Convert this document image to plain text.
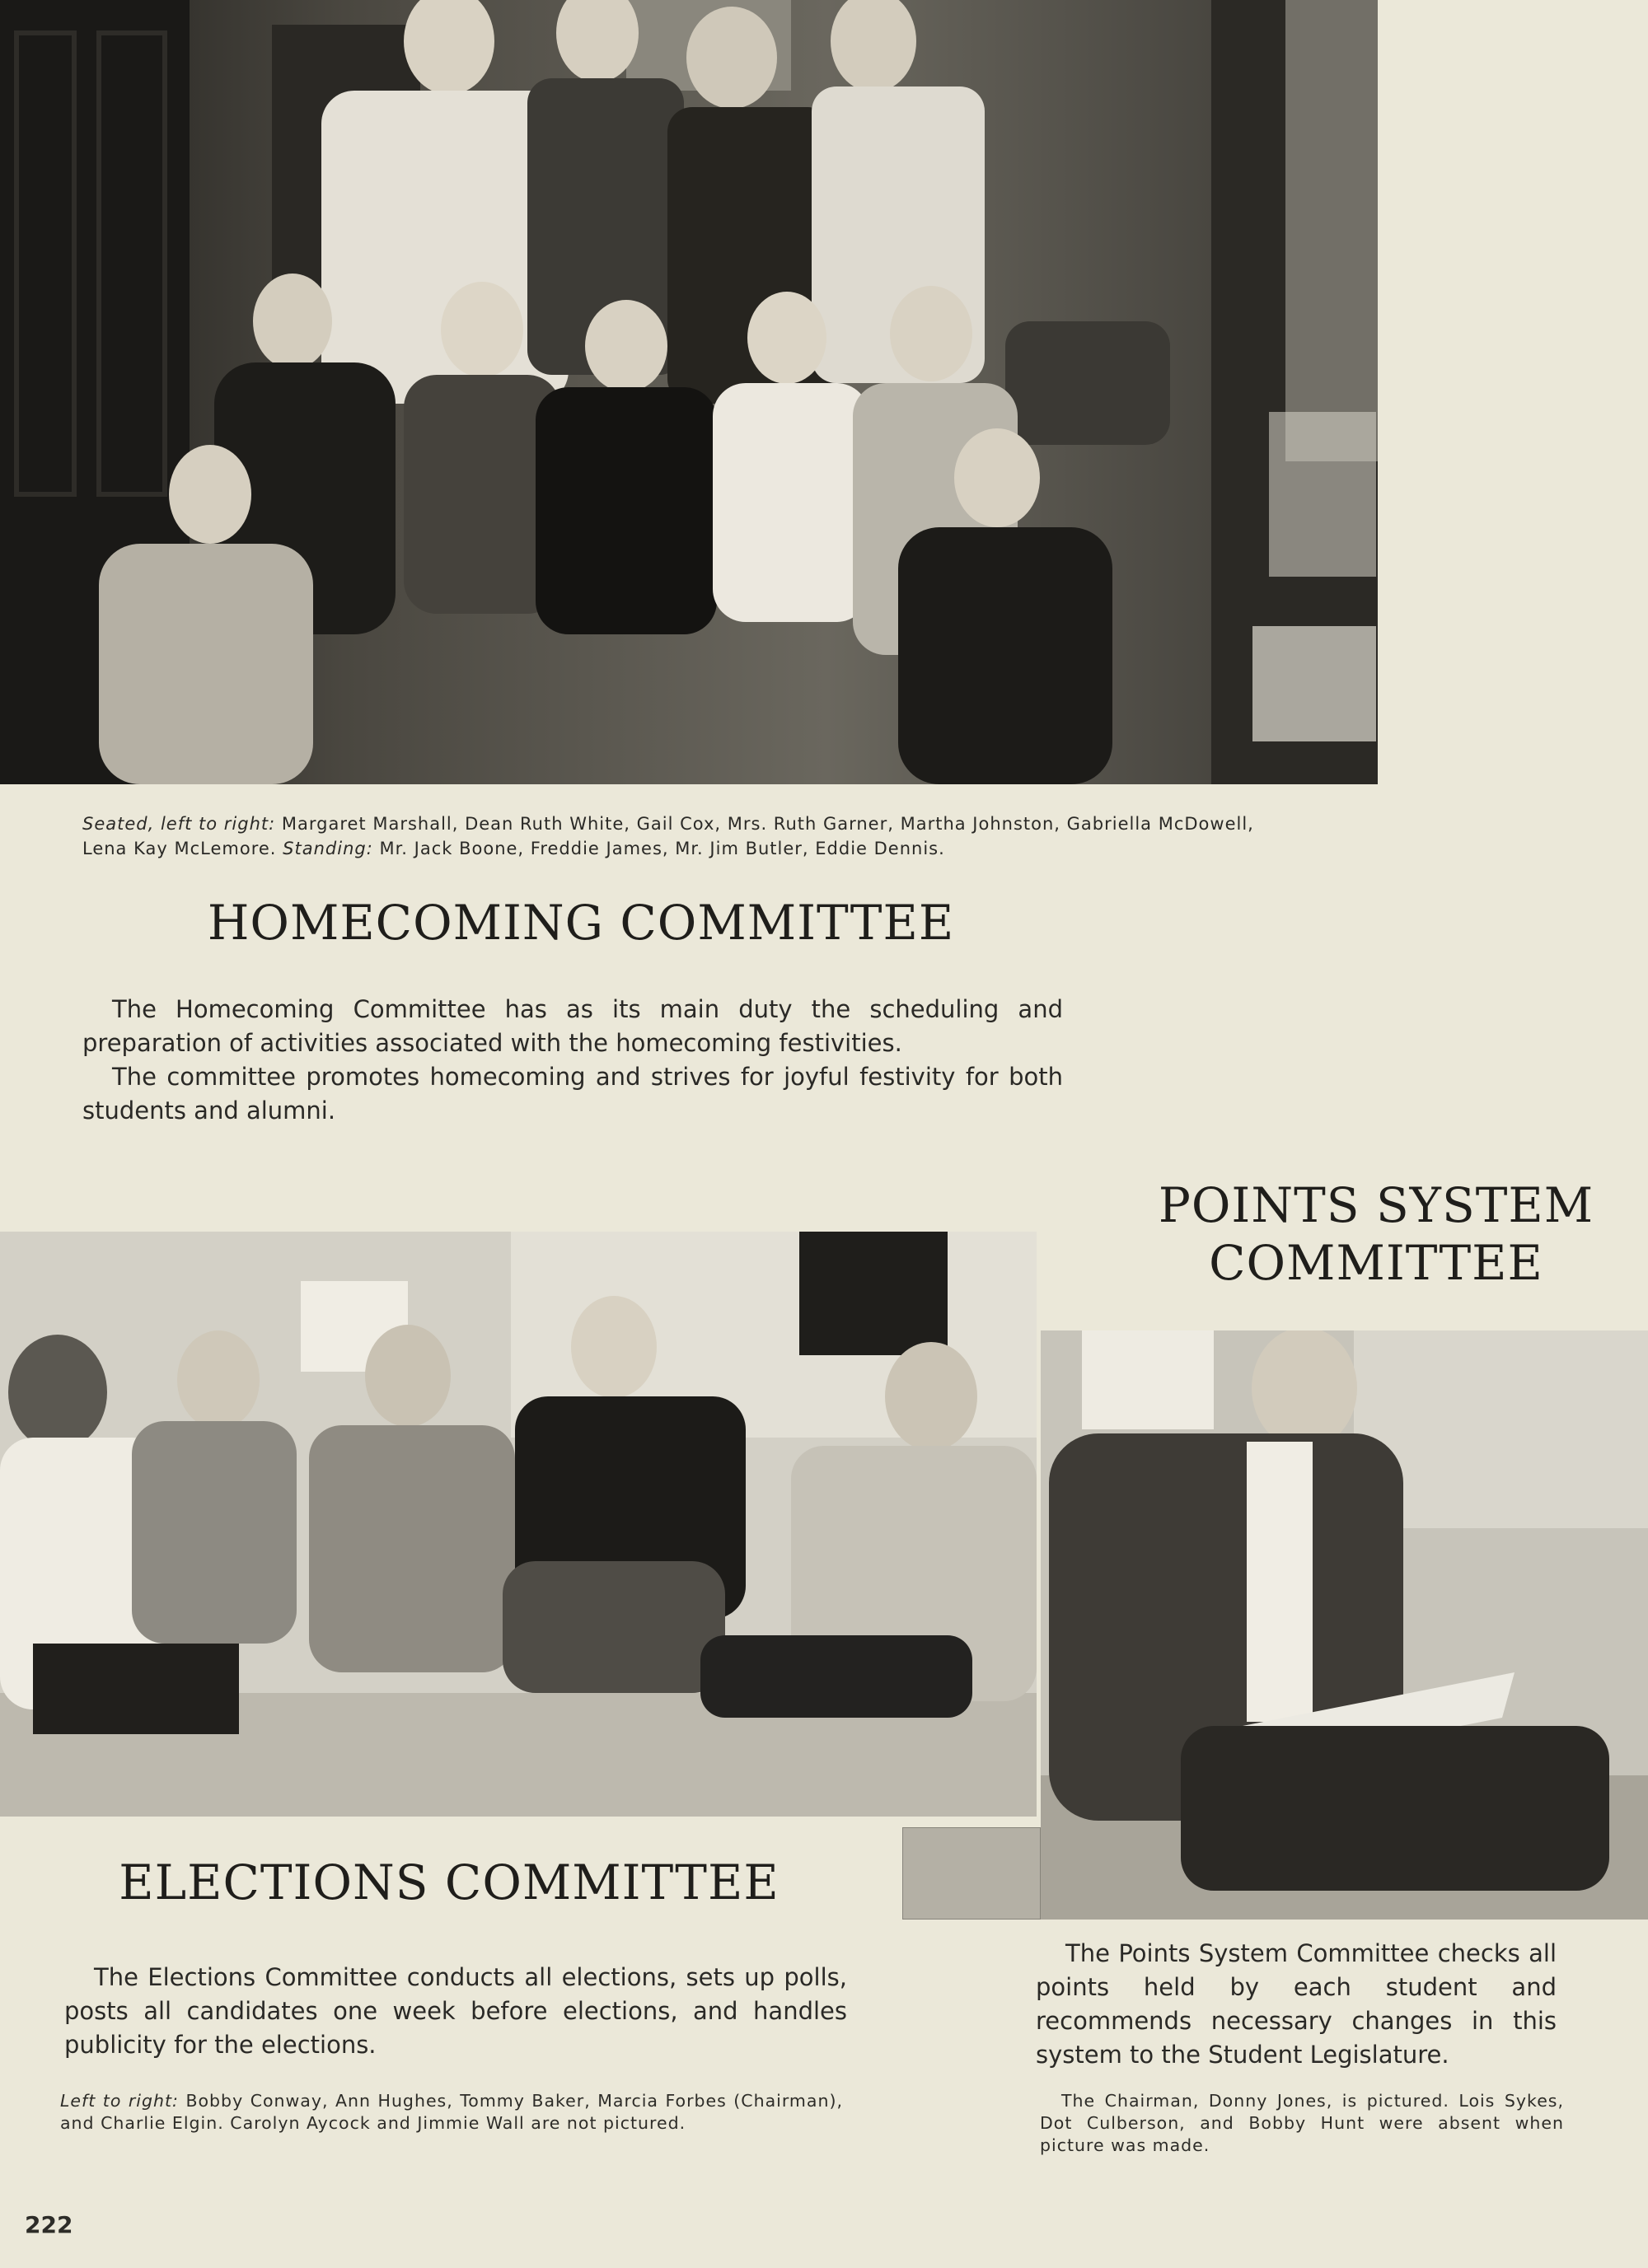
Seated, left to right: Margaret Marshall, Dean Ruth White, Gail Cox, Mrs. Ruth Garner, Martha Johnston, Gabriella McDowell, Lena Kay McLemore. Standing: Mr. Jack Boone, Freddie James, Mr. Jim Butler, Eddie Dennis.

HOMECOMING COMMITTEE

The Homecoming Committee has as its main duty the scheduling and preparation of activities associated with the homecoming festivities.

The committee promotes homecoming and strives for joyful festivity for both students and alumni.

POINTS SYSTEM
COMMITTEE
ELECTIONS COMMITTEE

The Elections Committee conducts all elections, sets up polls, posts all candidates one week before elections, and handles publicity for the elections.

Left to right: Bobby Conway, Ann Hughes, Tommy Baker, Marcia Forbes (Chairman), and Charlie Elgin. Carolyn Aycock and Jimmie Wall are not pictured.

The Points System Committee checks all points held by each student and recommends necessary changes in this system to the Student Legislature.

The Chairman, Donny Jones, is pictured. Lois Sykes, Dot Culberson, and Bobby Hunt were absent when picture was made.

222
